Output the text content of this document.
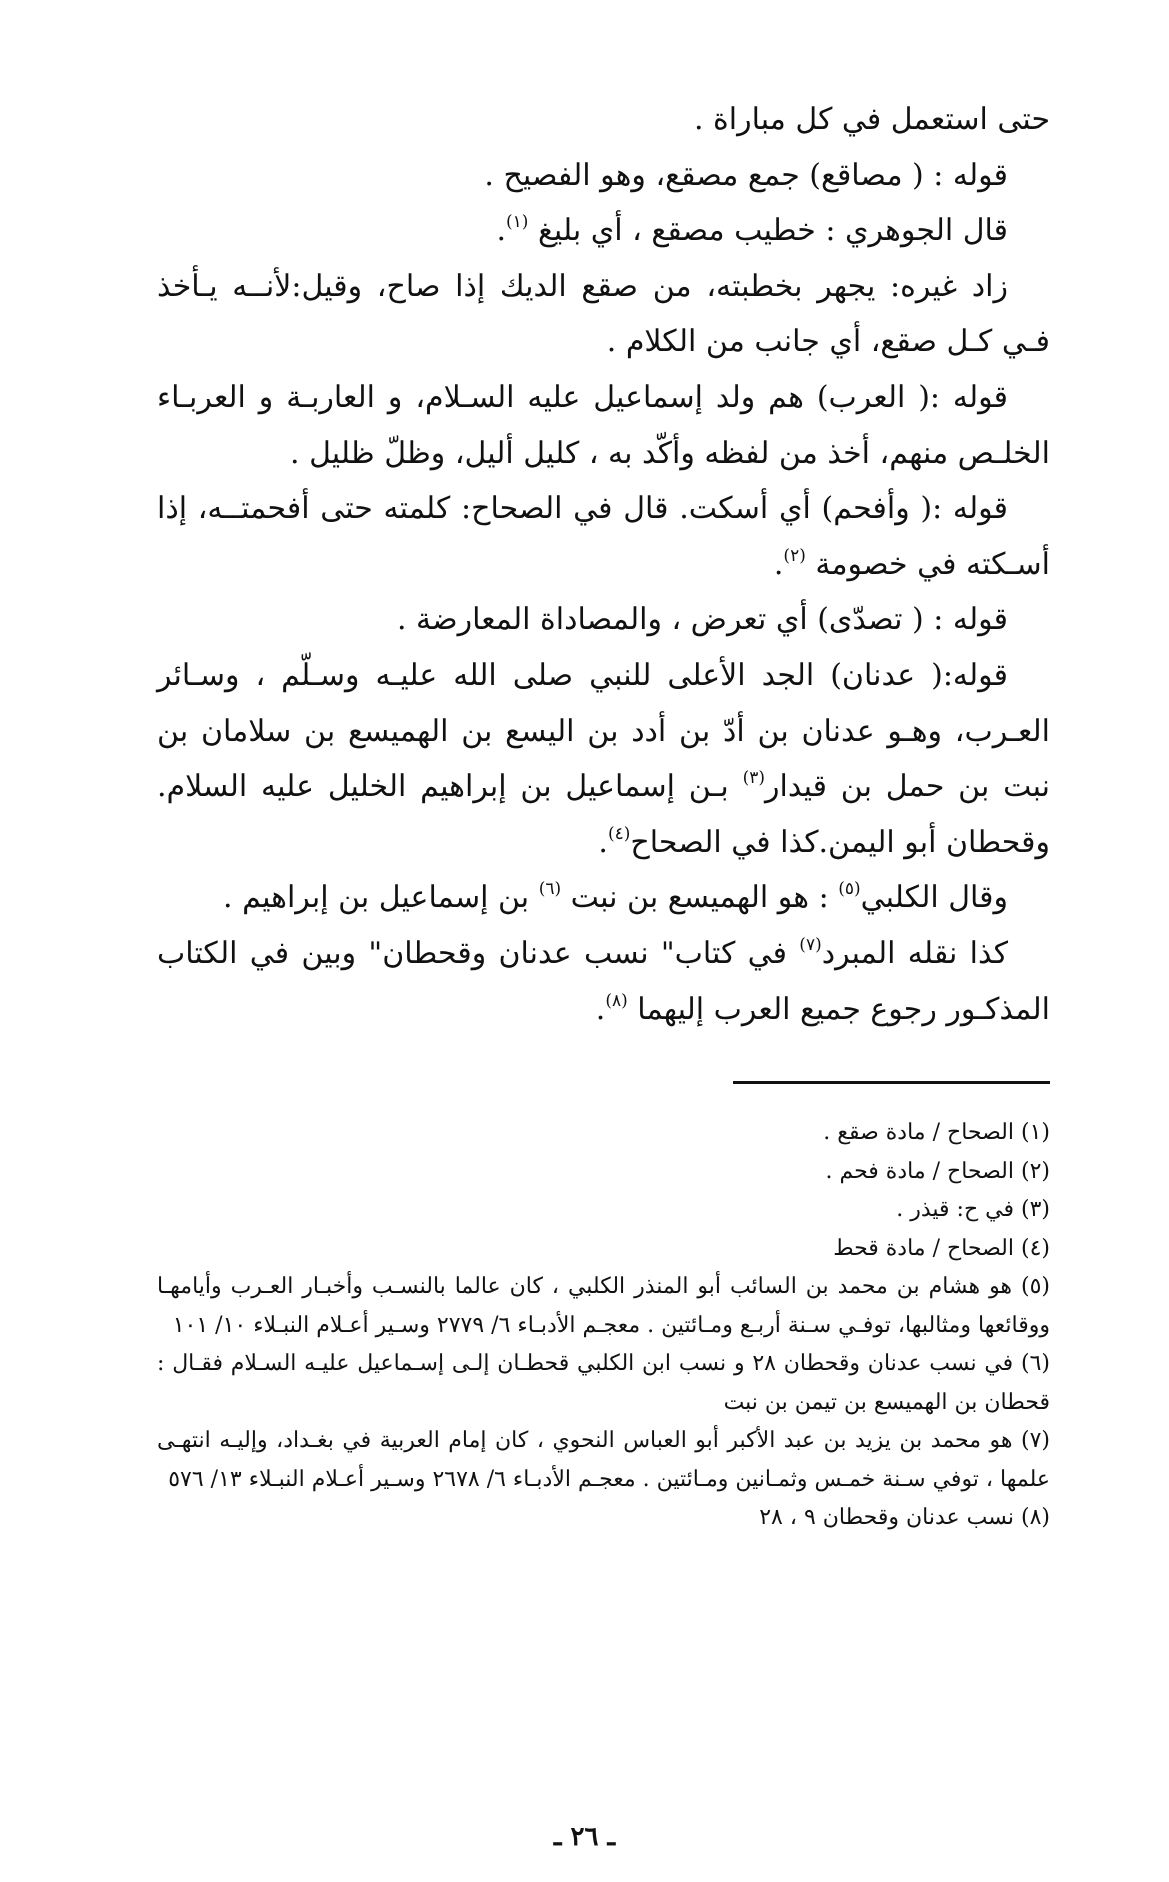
حتى استعمل في كل مباراة .

قوله : ( مصاقع) جمع مصقع، وهو الفصيح .

قال الجوهري : خطيب مصقع ، أي بليغ $^{(١)}$.

زاد غيره: يجهر بخطبته، من صقع الديك إذا صاح، وقيل:لأنــه يـأخذ فـي كـل صقع، أي جانب من الكلام .

قوله :( العرب) هم ولد إسماعيل عليه السـلام، و العاربـة و العربـاء الخلـص منهم، أخذ من لفظه وأكّد به ، كليل أليل، وظلّ ظليل .

قوله :( وأفحم) أي أسكت. قال في الصحاح: كلمته حتى أفحمتــه، إذا أسـكته في خصومة $^{(٢)}$.

قوله : ( تصدّى) أي تعرض ، والمصاداة المعارضة .

قوله:( عدنان) الجد الأعلى للنبي صلى الله عليـه وسـلّم ، وسـائر العـرب، وهـو عدنان بن أدّ بن أدد بن اليسع بن الهميسع بن سلامان بن نبت بن حمل بن قيدار$^{(٣)}$ بـن إسماعيل بن إبراهيم الخليل عليه السلام. وقحطان أبو اليمن.كذا في الصحاح$^{(٤)}$.

وقال الكلبي$^{(٥)}$ : هو الهميسع بن نبت $^{(٦)}$ بن إسماعيل بن إبراهيم .

كذا نقله المبرد$^{(٧)}$ في كتاب" نسب عدنان وقحطان" وبين في الكتاب المذكـور رجوع جميع العرب إليهما $^{(٨)}$.

(١) الصحاح / مادة صقع .

(٢) الصحاح / مادة فحم .

(٣) في ح: قيذر .

(٤) الصحاح / مادة قحط

(٥) هو هشام بن محمد بن السائب أبو المنذر الكلبي ، كان عالما بالنسـب وأخبـار العـرب وأيامهـا ووقائعها ومثالبها، توفـي سـنة أربـع ومـائتين . معجـم الأدبـاء ٦/ ٢٧٧٩ وسـير أعـلام النبـلاء ١٠/ ١٠١

(٦) في نسب عدنان وقحطان ٢٨ و نسب ابن الكلبي قحطـان إلـى إسـماعيل عليـه السـلام فقـال : قحطان بن الهميسع بن تيمن بن نبت

(٧) هو محمد بن يزيد بن عبد الأكبر أبو العباس النحوي ، كان إمام العربية في بغـداد، وإليـه انتهـى علمها ، توفي سـنة خمـس وثمـانين ومـائتين . معجـم الأدبـاء ٦/ ٢٦٧٨ وسـير أعـلام النبـلاء ١٣/ ٥٧٦

(٨) نسب عدنان وقحطان ٩ ، ٢٨

ـ ٢٦ ـ
